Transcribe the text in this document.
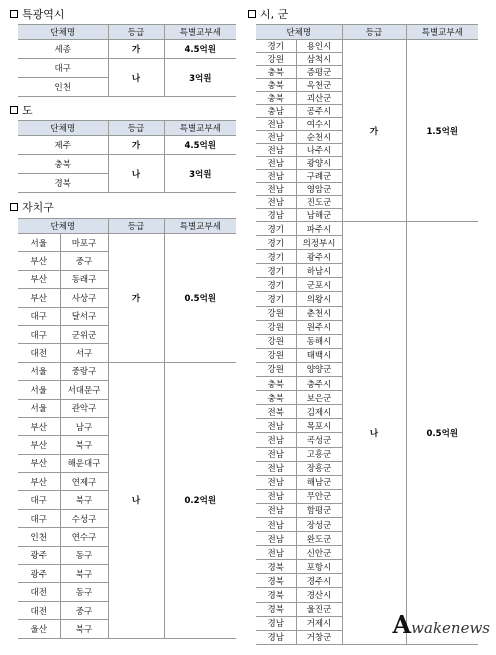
특광역시
도
자치구
시, 군
단체명	등급	특별교부세
세종	가	4.5억원
대구	나	3억원
인천		
단체명	등급	특별교부세
제주	가	4.5억원
충북	나	3억원
경북		
단체명		등급	특별교부세
서울	마포구	가	0.5억원
부산	중구		
부산	동래구		
부산	사상구		
대구	달서구		
대구	군위군		
대전	서구		
서울	중랑구	나	0.2억원
서울	서대문구		
서울	관악구		
부산	남구		
부산	북구		
부산	해운대구		
부산	연제구		
대구	북구		
대구	수성구		
인천	연수구		
광주	동구		
광주	북구		
대전	동구		
대전	중구		
울산	북구		
단체명		등급	특별교부세
경기	용인시	가	1.5억원
강원	삼척시		
충북	증평군		
충북	옥천군		
충북	괴산군		
충남	공주시		
전남	여수시		
전남	순천시		
전남	나주시		
전남	광양시		
전남	구례군		
전남	영암군		
전남	진도군		
경남	남해군		
경기	파주시	나	0.5억원
경기	의정부시		
경기	광주시		
경기	하남시		
경기	군포시		
경기	의왕시		
강원	춘천시		
강원	원주시		
강원	동해시		
강원	태백시		
강원	양양군		
충북	충주시		
충북	보은군		
전북	김제시		
전남	목포시		
전남	곡성군		
전남	고흥군		
전남	장흥군		
전남	해남군		
전남	무안군		
전남	함평군		
전남	장성군		
전남	완도군		
전남	신안군		
경북	포항시		
경북	경주시		
경북	경산시		
경북	울진군		
경남	거제시		
경남	거창군			Awakenews
